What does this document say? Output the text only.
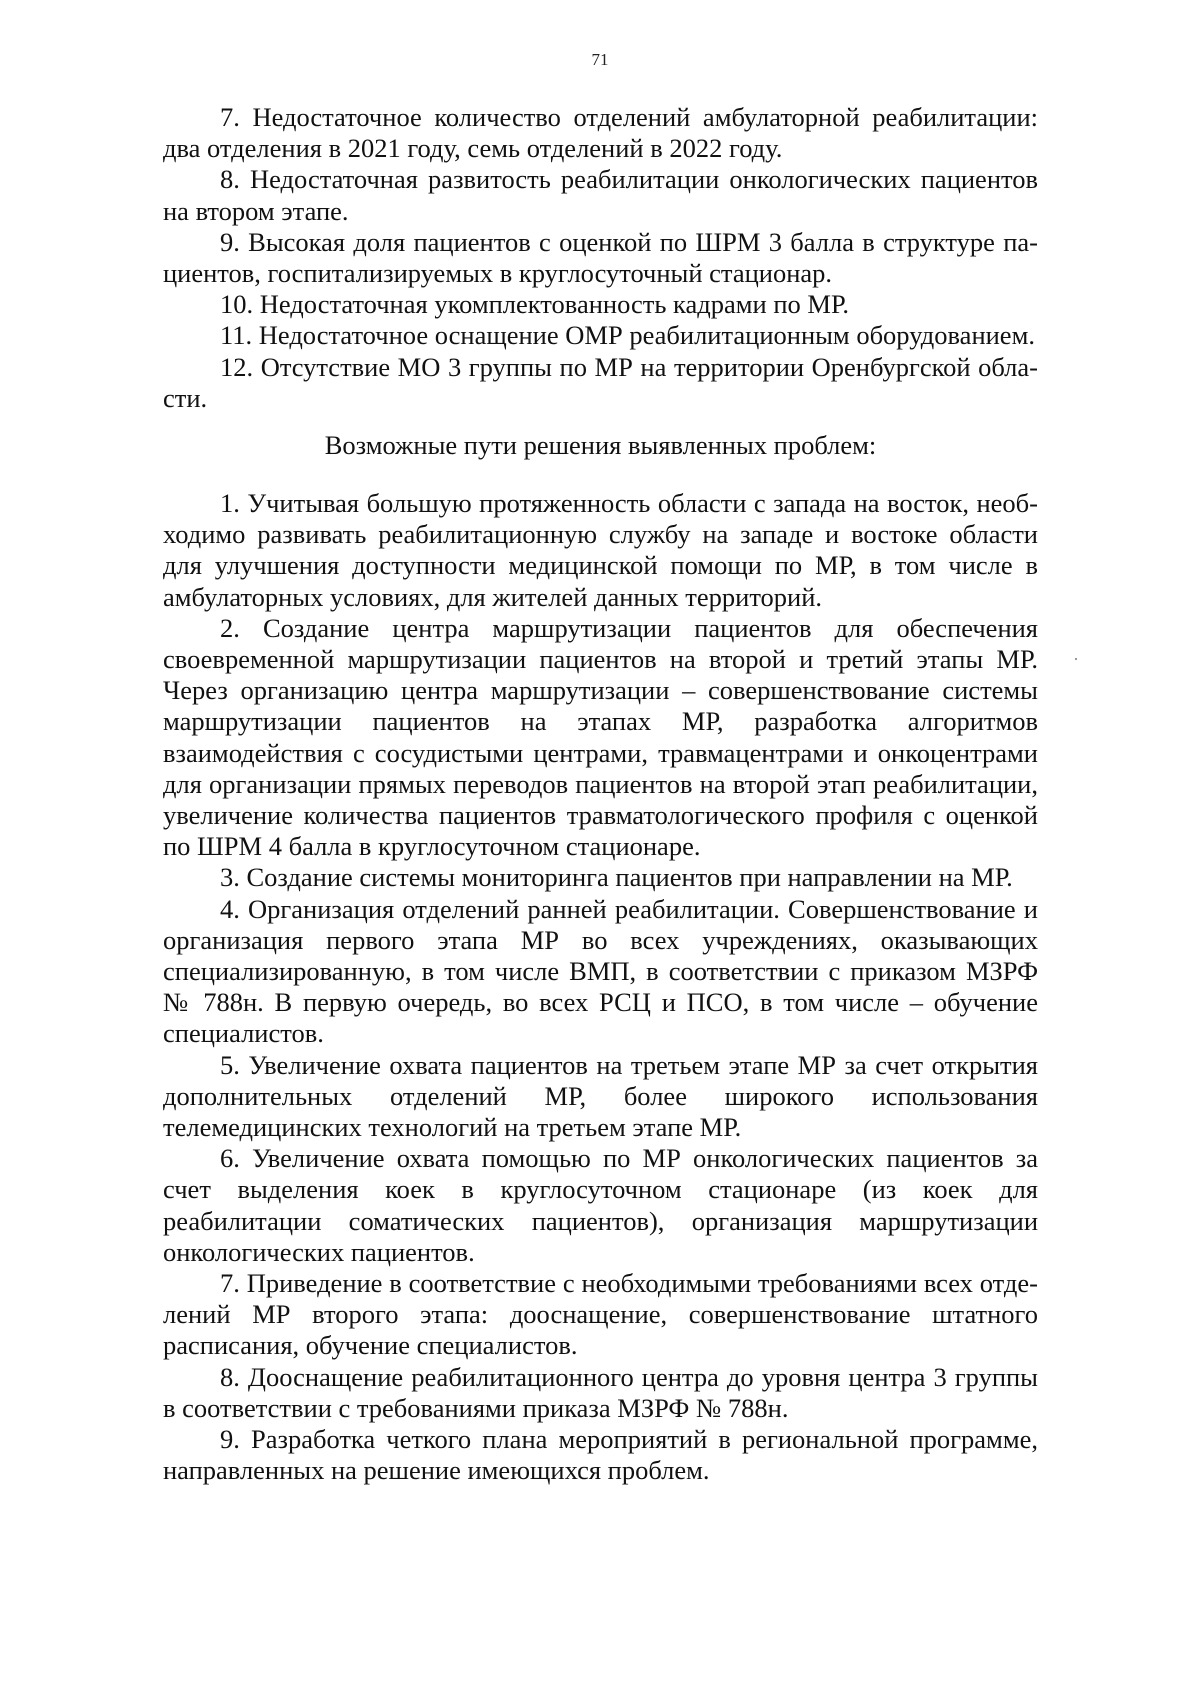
71

7. Недостаточное количество отделений амбулаторной реабилитации: два отделения в 2021 году, семь отделений в 2022 году.

8. Недостаточная развитость реабилитации онкологических пациентов на втором этапе.

9. Высокая доля пациентов с оценкой по ШРМ 3 балла в структуре пациентов, госпитализируемых в круглосуточный стационар.

10. Недостаточная укомплектованность кадрами по МР.

11. Недостаточное оснащение ОМР реабилитационным оборудованием.

12. Отсутствие МО 3 группы по МР на территории Оренбургской области.

Возможные пути решения выявленных проблем:

1. Учитывая большую протяженность области с запада на восток, необходимо развивать реабилитационную службу на западе и востоке области для улучшения доступности медицинской помощи по МР, в том числе в амбулаторных условиях, для жителей данных территорий.

2. Создание центра маршрутизации пациентов для обеспечения своевременной маршрутизации пациентов на второй и третий этапы МР. Через организацию центра маршрутизации – совершенствование системы маршрутизации пациентов на этапах МР, разработка алгоритмов взаимодействия с сосудистыми центрами, травмацентрами и онкоцентрами для организации прямых переводов пациентов на второй этап реабилитации, увеличение количества пациентов травматологического профиля с оценкой по ШРМ 4 балла в круглосуточном стационаре.

3. Создание системы мониторинга пациентов при направлении на МР.

4. Организация отделений ранней реабилитации. Совершенствование и организация первого этапа МР во всех учреждениях, оказывающих специализированную, в том числе ВМП, в соответствии с приказом МЗРФ № 788н. В первую очередь, во всех РСЦ и ПСО, в том числе – обучение специалистов.

5. Увеличение охвата пациентов на третьем этапе МР за счет открытия дополнительных отделений МР, более широкого использования телемедицинских технологий на третьем этапе МР.

6. Увеличение охвата помощью по МР онкологических пациентов за счет выделения коек в круглосуточном стационаре (из коек для реабилитации соматических пациентов), организация маршрутизации онкологических пациентов.

7. Приведение в соответствие с необходимыми требованиями всех отделений МР второго этапа: дооснащение, совершенствование штатного расписания, обучение специалистов.

8. Дооснащение реабилитационного центра до уровня центра 3 группы в соответствии с требованиями приказа МЗРФ № 788н.

9. Разработка четкого плана мероприятий в региональной программе, направленных на решение имеющихся проблем.
